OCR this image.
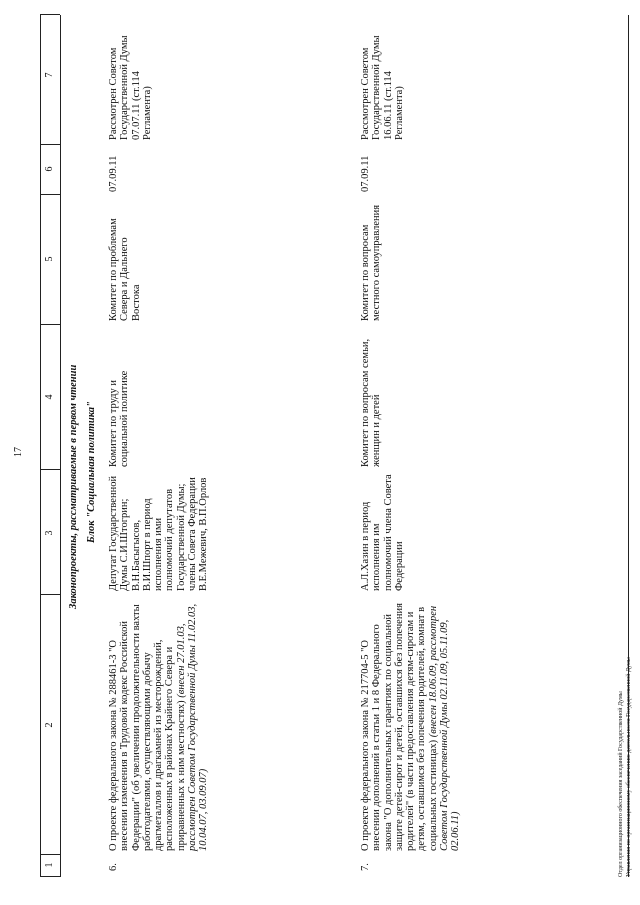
17
1
2
3
4
5
6
7
Законопроекты, рассматриваемые в первом чтении Блок "Социальная политика"
6.
О проекте федерального закона № 288461-3 "О внесении изменения в Трудовой кодекс Российской Федерации" (об увеличении продолжительности вахты работодателями, осуществляющими добычу драгметаллов и драгкамней из месторождений, расположенных в районах Крайнего Севера и приравненных к ним местностях) (внесен 27.01.03, рассмотрен Советом Государственной Думы 11.02.03, 10.04.07, 03.09.07)
Депутат Государственной Думы С.И.Штогрин; В.Н.Басыгысов, В.И.Шпорт в период исполнения ими полномочий депутатов Государственной Думы; члены Совета Федерации В.Е.Межевич, В.П.Орлов
Комитет по труду и социальной политике
Комитет по проблемам Севера и Дальнего Востока
07.09.11
Рассмотрен Советом Государственной Думы 07.07.11 (ст.114 Регламента)
7.
О проекте федерального закона № 217704-5 "О внесении дополнений в статьи 1 и 8 Федерального закона "О дополнительных гарантиях по социальной защите детей-сирот и детей, оставшихся без попечения родителей" (в части предоставления детям-сиротам и детям, оставшимся без попечения родителей, комнат в социальных гостиницах) (внесен 18.06.09, рассмотрен Советом Государственной Думы 02.11.09, 05.11.09, 02.06.11)
А.Л.Хазин в период исполнения им полномочий члена Совета Федерации
Комитет по вопросам семьи, женщин и детей
Комитет по вопросам местного самоуправления
07.09.11
Рассмотрен Советом Государственной Думы 16.06.11 (ст.114 Регламента)
Отдел организационного обеспечения заседаний Государственной Думы Управления по организационному обеспечению деятельности Государственной Думы
